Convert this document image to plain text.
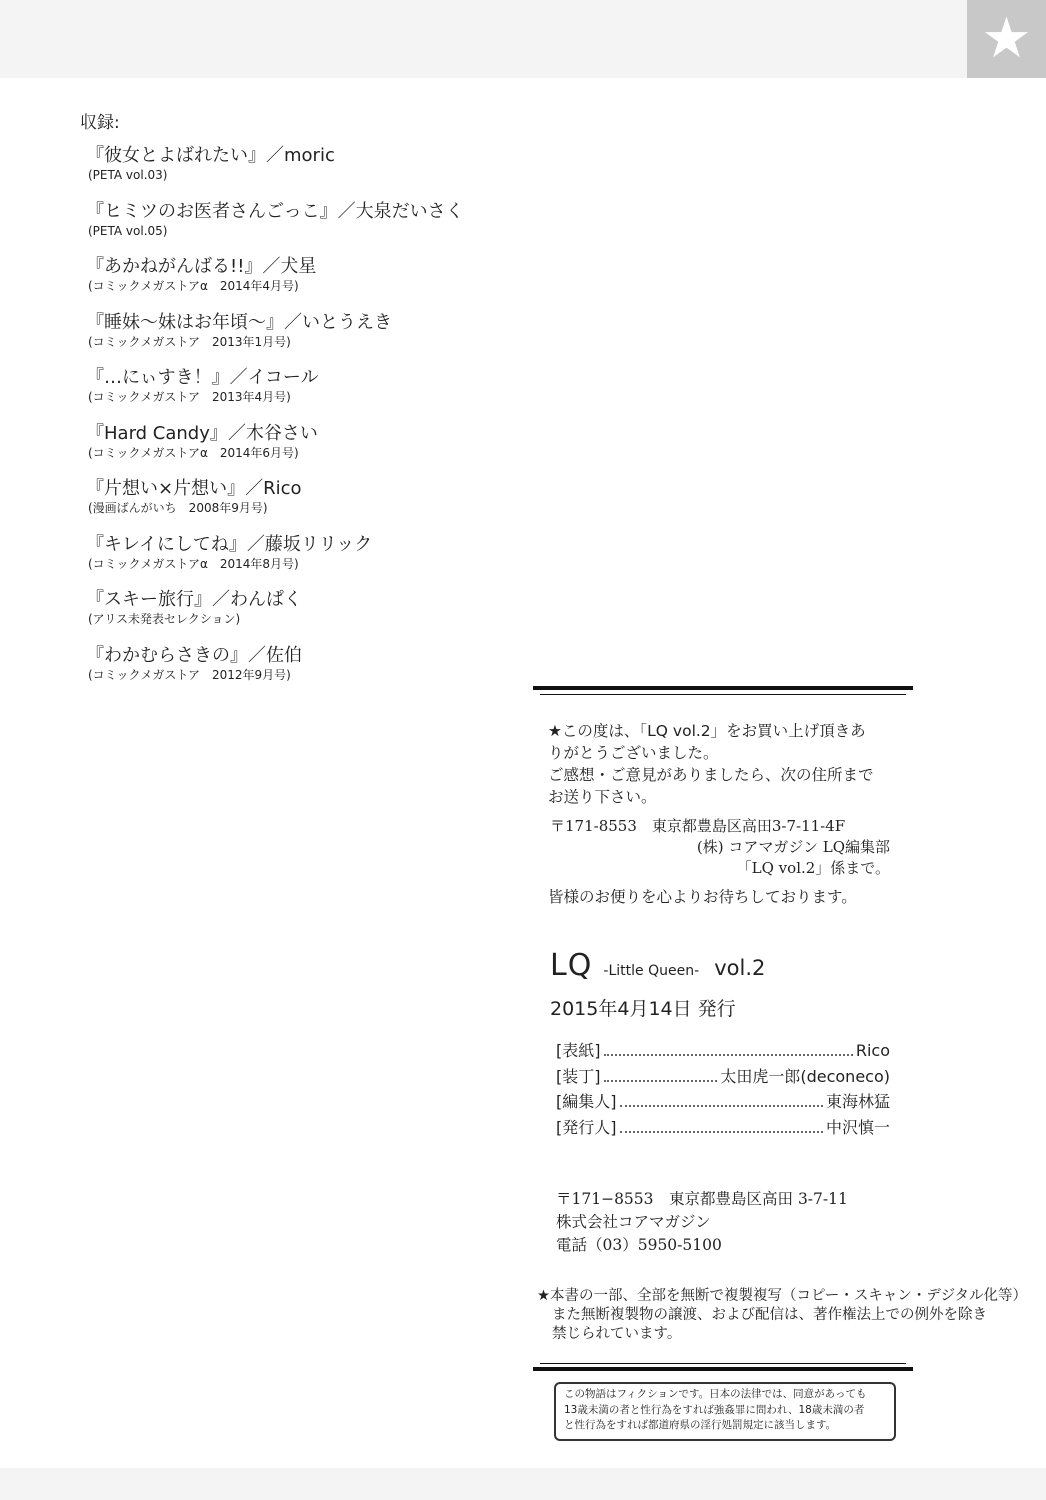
★
収録:
『彼女とよばれたい』／moric
(PETA vol.03)
『ヒミツのお医者さんごっこ』／大泉だいさく
(PETA vol.05)
『あかねがんばる!!』／犬星
(コミックメガストアα　2014年4月号)
『睡妹～妹はお年頃～』／いとうえき
(コミックメガストア　2013年1月号)
『…にぃすき！』／イコール
(コミックメガストア　2013年4月号)
『Hard Candy』／木谷さい
(コミックメガストアα　2014年6月号)
『片想い×片想い』／Rico
(漫画ばんがいち　2008年9月号)
『キレイにしてね』／藤坂リリック
(コミックメガストアα　2014年8月号)
『スキー旅行』／わんぱく
(アリス未発表セレクション)
『わかむらさきの』／佐伯
(コミックメガストア　2012年9月号)

★この度は、「LQ vol.2」をお買い上げ頂きあ

りがとうございました。

ご感想・ご意見がありましたら、次の住所まで

お送り下さい。

〒171-8553　東京都豊島区高田3-7-11-4F
(株) コアマガジン LQ編集部
「LQ vol.2」係まで。
皆様のお便りを心よりお待ちしております。
LQ -Little Queen- vol.2
2015年4月14日 発行
[表紙]	Rico
[装丁]	太田虎一郎(deconeco)
[編集人]	東海林猛
[発行人]	中沢慎一
〒171−8553　東京都豊島区高田 3-7-11
株式会社コアマガジン
電話（03）5950-5100
★本書の一部、全部を無断で複製複写（コピー・スキャン・デジタル化等）
また無断複製物の譲渡、および配信は、著作権法上での例外を除き
禁じられています。
この物語はフィクションです。日本の法律では、同意があっても
13歳未満の者と性行為をすれば強姦罪に問われ、18歳未満の者
と性行為をすれば都道府県の淫行処罰規定に該当します。
